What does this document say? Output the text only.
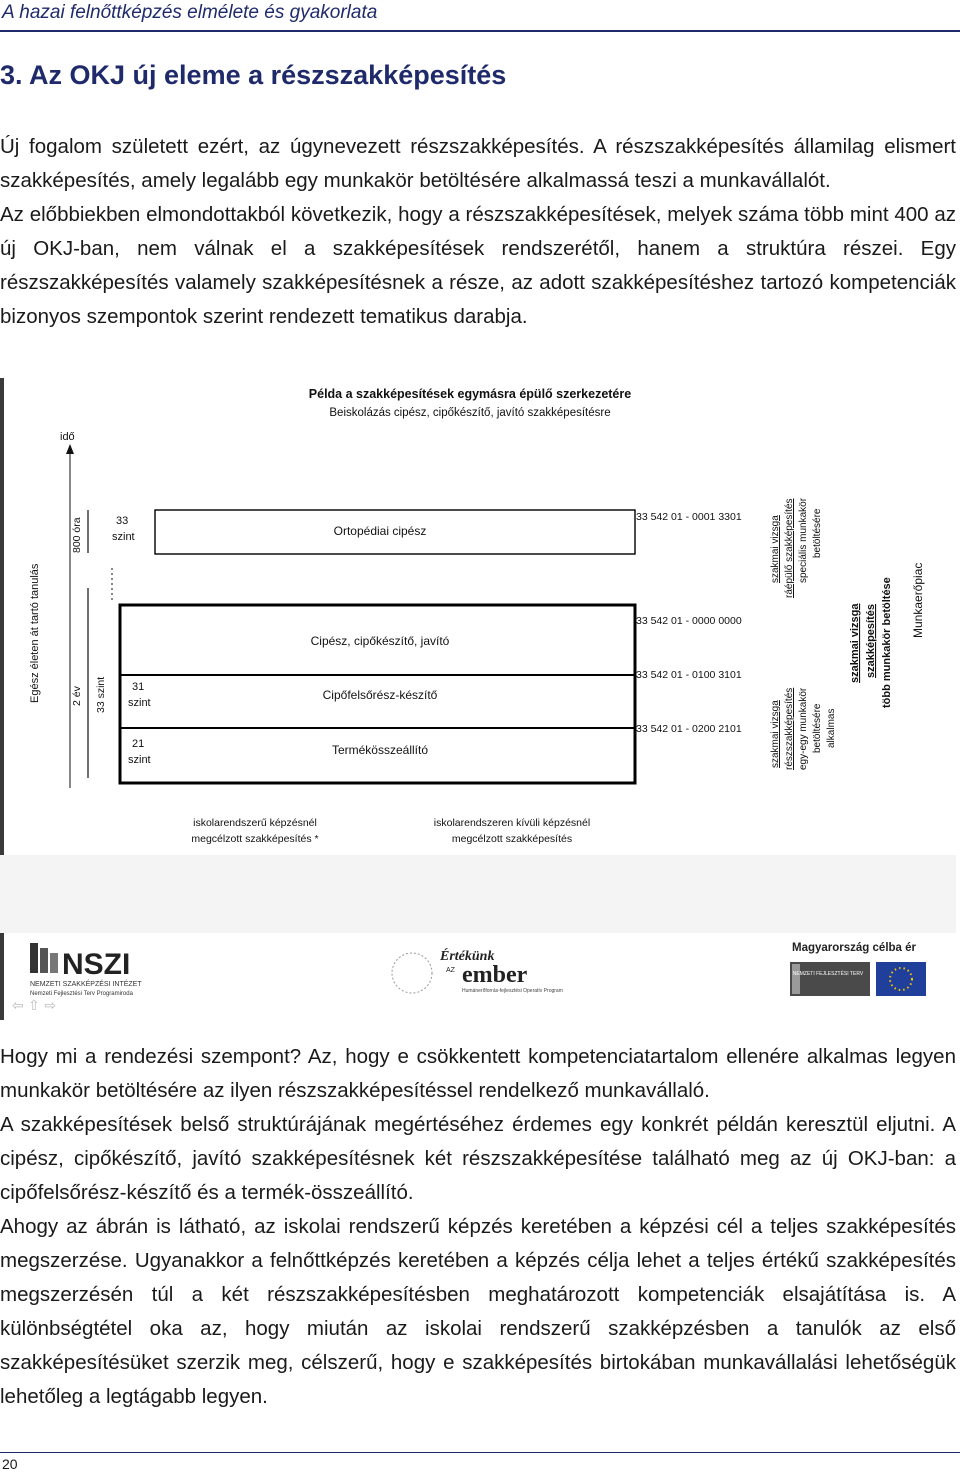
A hazai felnőttképzés elmélete és gyakorlata
3. Az OKJ új eleme a részszakképesítés

Új fogalom született ezért, az úgynevezett részszakképesítés. A részszakképesítés államilag elismert szakképesítés, amely legalább egy munkakör betöltésére alkalmassá teszi a munkavállalót.

Az előbbiekben elmondottakból következik, hogy a részszakképesítések, melyek száma több mint 400 az új OKJ-ban, nem válnak el a szakképesítések rendszerétől, hanem a struktúra részei. Egy részszakképesítés valamely szakképesítésnek a része, az adott szakképesítéshez tartozó kompetenciák bizonyos szempontok szerint rendezett tematikus darabja.

Példa a szakképesítések egymásra épülő szerkezetére
Beiskolázás cipész, cipőkészítő, javító szakképesítésre
idő
Egész életen át tartó tanulás
800 óra
2 év 33 szint
33
szint
31
szint
21
szint
Ortopédiai cipész
33 542 01 - 0001 3301
Cipész, cipőkészítő, javító
33 542 01 - 0000 0000
Cipőfelsőrész-készítő
33 542 01 - 0100 3101
Termékösszeállító
33 542 01 - 0200 2101
szakmai vizsga ráépülő szakképesítés speciális munkakör betöltésére
szakmai vizsga részszakképesítés egy-egy munkakör betöltésére alkalmas
szakmai vizsga szakképesítés több munkakör betöltése Munkaerőpiac
iskolarendszerű képzésnél
megcélzott szakképesítés *
iskolarendszeren kívüli képzésnél
megcélzott szakképesítés
NSZI
NEMZETI SZAKKÉPZÉSI INTÉZET
Nemzeti Fejlesztési Terv Programiroda
⇦ ⇧ ⇨
Értékünk
AZ ember
Humánerőforrás-fejlesztési Operatív Program
Magyarország célba ér
NEMZETI FEJLESZTÉSI TERV

Hogy mi a rendezési szempont? Az, hogy e csökkentett kompetenciatartalom ellenére alkalmas legyen munkakör betöltésére az ilyen részszakképesítéssel rendelkező munkavállaló.

A szakképesítések belső struktúrájának megértéséhez érdemes egy konkrét példán keresztül eljutni. A cipész, cipőkészítő, javító szakképesítésnek két részszakképesítése található meg az új OKJ-ban: a cipőfelsőrész-készítő és a termék-összeállító.

Ahogy az ábrán is látható, az iskolai rendszerű képzés keretében a képzési cél a teljes szakképesítés megszerzése. Ugyanakkor a felnőttképzés keretében a képzés célja lehet a teljes értékű szakképesítés megszerzésén túl a két részszakképesítésben meghatározott kompetenciák elsajátítása is. A különbségtétel oka az, hogy miután az iskolai rendszerű szakképzésben a tanulók az első szakképesítésüket szerzik meg, célszerű, hogy e szakképesítés birtokában munkavállalási lehetőségük lehetőleg a legtágabb legyen.

20
